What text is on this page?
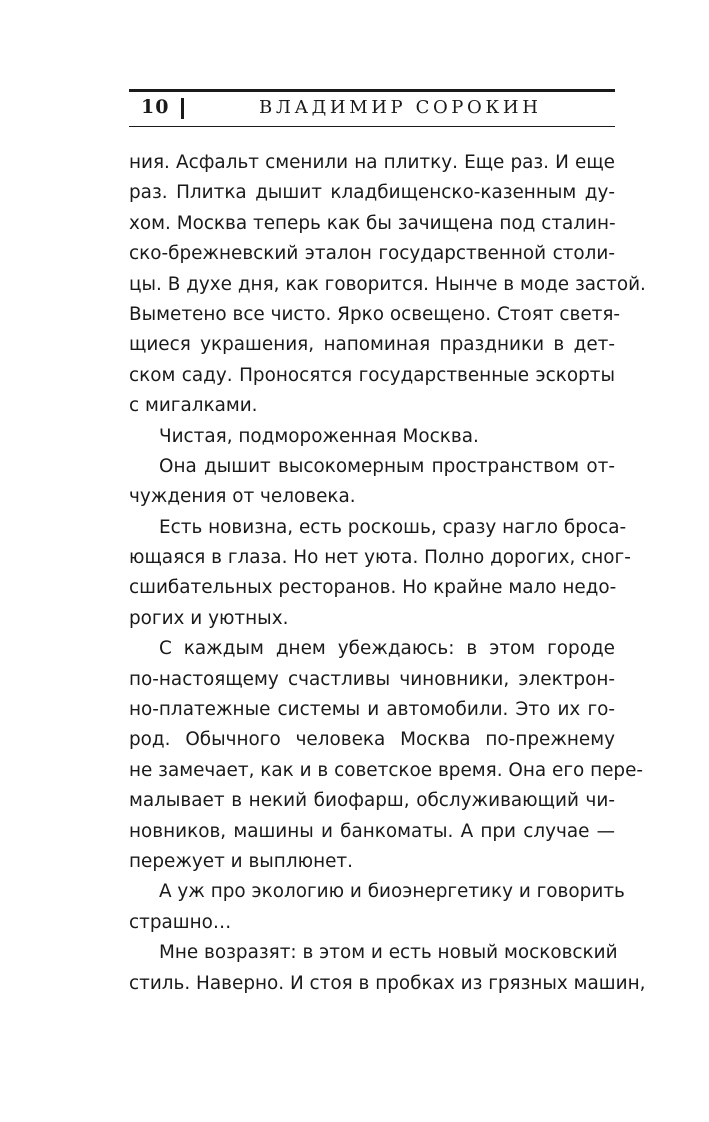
10	ВЛАДИМИР СОРОКИН
ния. Асфальт сменили на плитку. Еще раз. И еще
раз. Плитка дышит кладбищенско-казенным ду-
хом. Москва теперь как бы зачищена под сталин-
ско-брежневский эталон государственной столи-
цы. В духе дня, как говорится. Нынче в моде застой.
Выметено все чисто. Ярко освещено. Стоят светя-
щиеся украшения, напоминая праздники в дет-
ском саду. Проносятся государственные эскорты
с мигалками.
Чистая, подмороженная Москва.
Она дышит высокомерным пространством от-
чуждения от человека.
Есть новизна, есть роскошь, сразу нагло броса-
ющаяся в глаза. Но нет уюта. Полно дорогих, сног-
сшибательных ресторанов. Но крайне мало недо-
рогих и уютных.
С каждым днем убеждаюсь: в этом городе
по-настоящему счастливы чиновники, электрон-
но-платежные системы и автомобили. Это их го-
род. Обычного человека Москва по-прежнему
не замечает, как и в советское время. Она его пере-
малывает в некий биофарш, обслуживающий чи-
новников, машины и банкоматы. А при случае —
пережует и выплюнет.
А уж про экологию и биоэнергетику и говорить
страшно…
Мне возразят: в этом и есть новый московский
стиль. Наверно. И стоя в пробках из грязных машин,
